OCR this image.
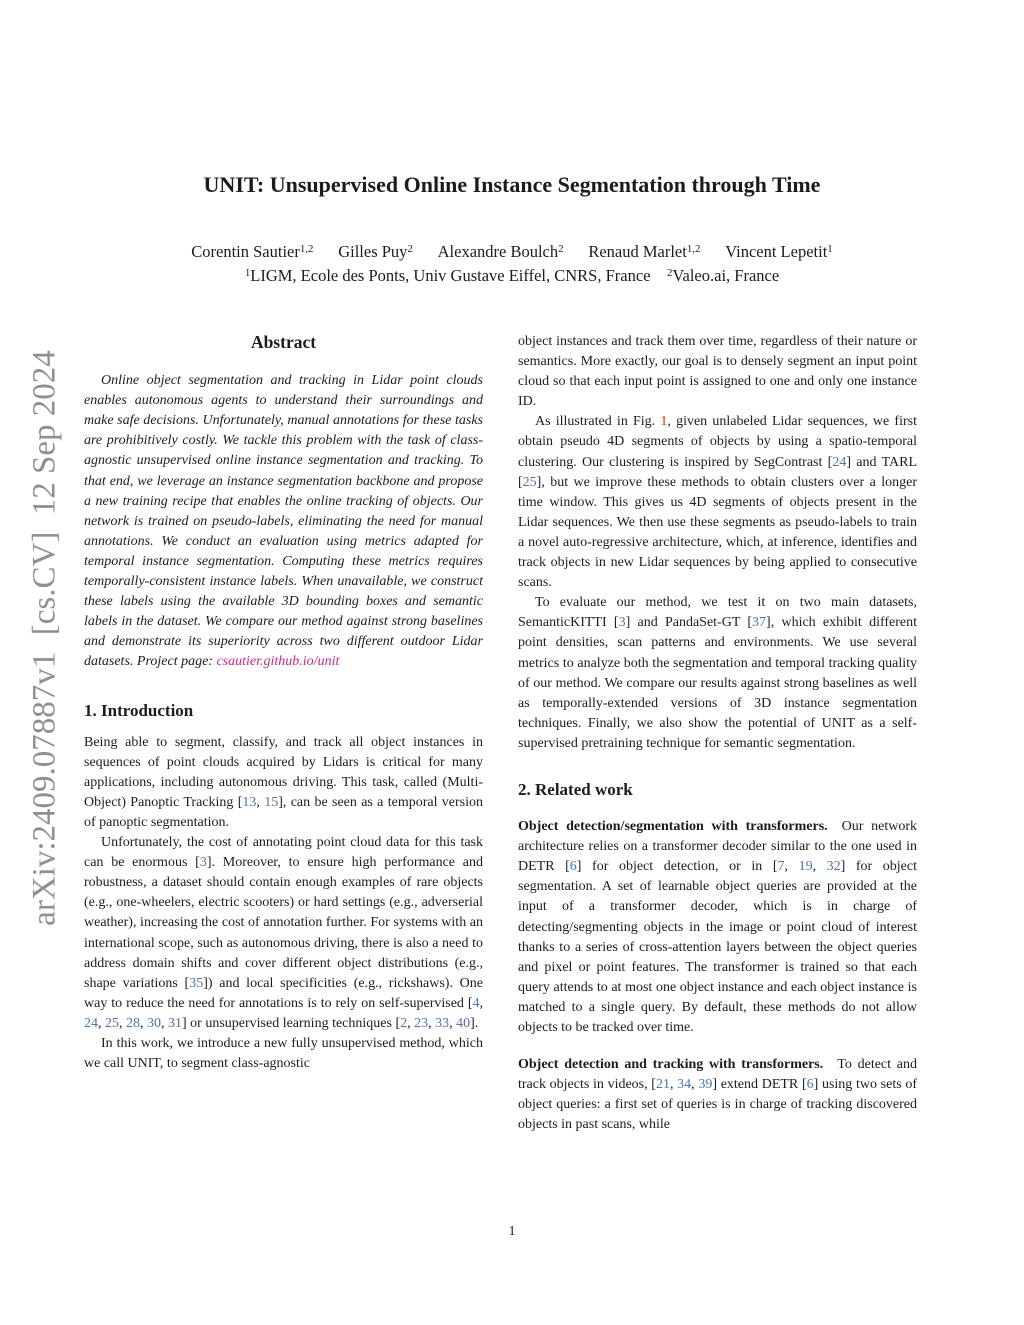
arXiv:2409.07887v1  [cs.CV]  12 Sep 2024
UNIT: Unsupervised Online Instance Segmentation through Time
Corentin Sautier$^{1,2}$  Gilles Puy$^2$  Alexandre Boulch$^2$  Renaud Marlet$^{1,2}$  Vincent Lepetit$^1$
$^1$LIGM, Ecole des Ponts, Univ Gustave Eiffel, CNRS, France  $^2$Valeo.ai, France
Abstract

Online object segmentation and tracking in Lidar point clouds enables autonomous agents to understand their surroundings and make safe decisions. Unfortunately, manual annotations for these tasks are prohibitively costly. We tackle this problem with the task of class-agnostic unsupervised online instance segmentation and tracking. To that end, we leverage an instance segmentation backbone and propose a new training recipe that enables the online tracking of objects. Our network is trained on pseudo-labels, eliminating the need for manual annotations. We conduct an evaluation using metrics adapted for temporal instance segmentation. Computing these metrics requires temporally-consistent instance labels. When unavailable, we construct these labels using the available 3D bounding boxes and semantic labels in the dataset. We compare our method against strong baselines and demonstrate its superiority across two different outdoor Lidar datasets. Project page: csautier.github.io/unit

1. Introduction

Being able to segment, classify, and track all object instances in sequences of point clouds acquired by Lidars is critical for many applications, including autonomous driving. This task, called (Multi-Object) Panoptic Tracking [13, 15], can be seen as a temporal version of panoptic segmentation.

Unfortunately, the cost of annotating point cloud data for this task can be enormous [3]. Moreover, to ensure high performance and robustness, a dataset should contain enough examples of rare objects (e.g., one-wheelers, electric scooters) or hard settings (e.g., adverserial weather), increasing the cost of annotation further. For systems with an international scope, such as autonomous driving, there is also a need to address domain shifts and cover different object distributions (e.g., shape variations [35]) and local specificities (e.g., rickshaws). One way to reduce the need for annotations is to rely on self-supervised [4, 24, 25, 28, 30, 31] or unsupervised learning techniques [2, 23, 33, 40].

In this work, we introduce a new fully unsupervised method, which we call UNIT, to segment class-agnostic

object instances and track them over time, regardless of their nature or semantics. More exactly, our goal is to densely segment an input point cloud so that each input point is assigned to one and only one instance ID.

As illustrated in Fig. 1, given unlabeled Lidar sequences, we first obtain pseudo 4D segments of objects by using a spatio-temporal clustering. Our clustering is inspired by SegContrast [24] and TARL [25], but we improve these methods to obtain clusters over a longer time window. This gives us 4D segments of objects present in the Lidar sequences. We then use these segments as pseudo-labels to train a novel auto-regressive architecture, which, at inference, identifies and track objects in new Lidar sequences by being applied to consecutive scans.

To evaluate our method, we test it on two main datasets, SemanticKITTI [3] and PandaSet-GT [37], which exhibit different point densities, scan patterns and environments. We use several metrics to analyze both the segmentation and temporal tracking quality of our method. We compare our results against strong baselines as well as temporally-extended versions of 3D instance segmentation techniques. Finally, we also show the potential of UNIT as a self-supervised pretraining technique for semantic segmentation.

2. Related work

Object detection/segmentation with transformers. Our network architecture relies on a transformer decoder similar to the one used in DETR [6] for object detection, or in [7, 19, 32] for object segmentation. A set of learnable object queries are provided at the input of a transformer decoder, which is in charge of detecting/segmenting objects in the image or point cloud of interest thanks to a series of cross-attention layers between the object queries and pixel or point features. The transformer is trained so that each query attends to at most one object instance and each object instance is matched to a single query. By default, these methods do not allow objects to be tracked over time.

Object detection and tracking with transformers. To detect and track objects in videos, [21, 34, 39] extend DETR [6] using two sets of object queries: a first set of queries is in charge of tracking discovered objects in past scans, while

1
